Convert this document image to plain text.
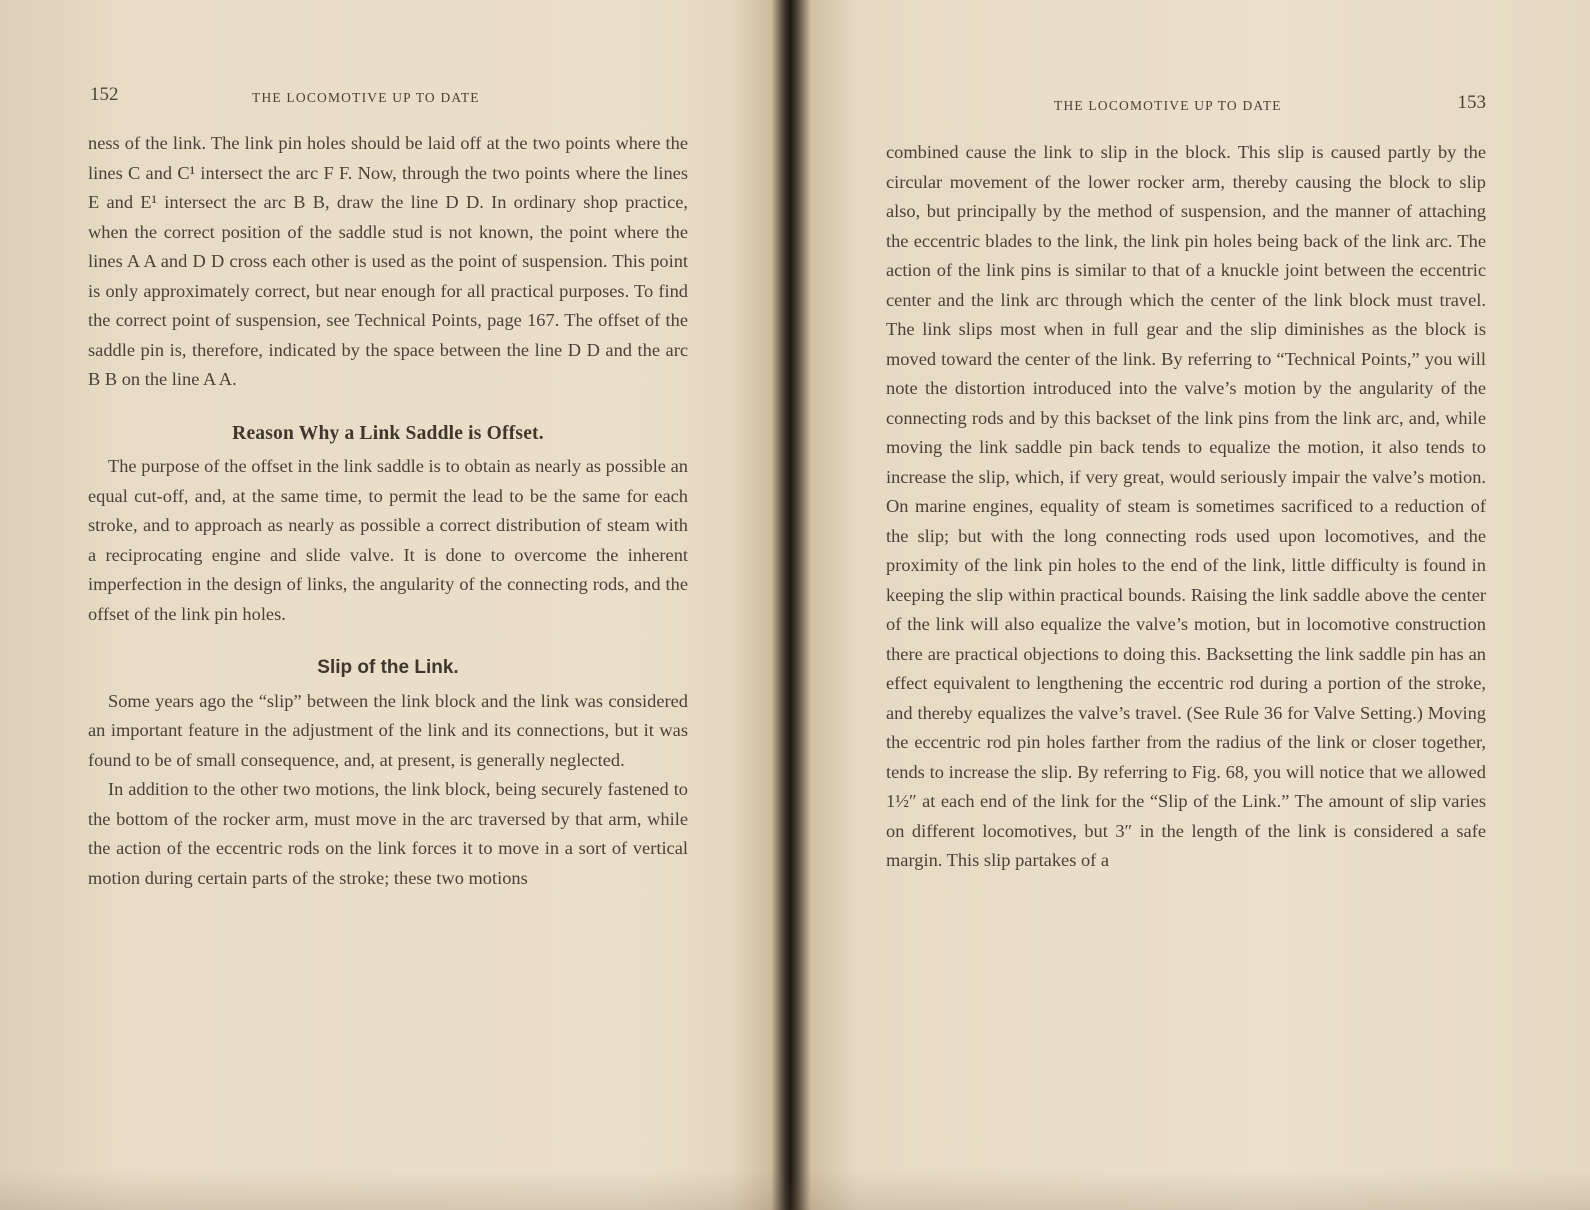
152	THE LOCOMOTIVE UP TO DATE

ness of the link. The link pin holes should be laid off at the two points where the lines C and C¹ intersect the arc F F. Now, through the two points where the lines E and E¹ intersect the arc B B, draw the line D D. In ordinary shop practice, when the correct position of the saddle stud is not known, the point where the lines A A and D D cross each other is used as the point of suspension. This point is only approximately correct, but near enough for all practical purposes. To find the correct point of suspension, see Technical Points, page 167. The offset of the saddle pin is, therefore, indicated by the space between the line D D and the arc B B on the line A A.

Reason Why a Link Saddle is Offset.

The purpose of the offset in the link saddle is to obtain as nearly as possible an equal cut-off, and, at the same time, to permit the lead to be the same for each stroke, and to approach as nearly as possible a correct distribution of steam with a reciprocating engine and slide valve. It is done to overcome the inherent imperfection in the design of links, the angularity of the connecting rods, and the offset of the link pin holes.

Slip of the Link.

Some years ago the “slip” between the link block and the link was considered an important feature in the adjustment of the link and its connections, but it was found to be of small consequence, and, at present, is generally neglected.

In addition to the other two motions, the link block, being securely fastened to the bottom of the rocker arm, must move in the arc traversed by that arm, while the action of the eccentric rods on the link forces it to move in a sort of vertical motion during certain parts of the stroke; these two motions

THE LOCOMOTIVE UP TO DATE	153

combined cause the link to slip in the block. This slip is caused partly by the circular movement of the lower rocker arm, thereby causing the block to slip also, but principally by the method of suspension, and the manner of attaching the eccentric blades to the link, the link pin holes being back of the link arc. The action of the link pins is similar to that of a knuckle joint between the eccentric center and the link arc through which the center of the link block must travel. The link slips most when in full gear and the slip diminishes as the block is moved toward the center of the link. By referring to “Technical Points,” you will note the distortion introduced into the valve’s motion by the angularity of the connecting rods and by this backset of the link pins from the link arc, and, while moving the link saddle pin back tends to equalize the motion, it also tends to increase the slip, which, if very great, would seriously impair the valve’s motion. On marine engines, equality of steam is sometimes sacrificed to a reduction of the slip; but with the long connecting rods used upon locomotives, and the proximity of the link pin holes to the end of the link, little difficulty is found in keeping the slip within practical bounds. Raising the link saddle above the center of the link will also equalize the valve’s motion, but in locomotive construction there are practical objections to doing this. Backsetting the link saddle pin has an effect equivalent to lengthening the eccentric rod during a portion of the stroke, and thereby equalizes the valve’s travel. (See Rule 36 for Valve Setting.) Moving the eccentric rod pin holes farther from the radius of the link or closer together, tends to increase the slip. By referring to Fig. 68, you will notice that we allowed 1½″ at each end of the link for the “Slip of the Link.” The amount of slip varies on different locomotives, but 3″ in the length of the link is considered a safe margin. This slip partakes of a
